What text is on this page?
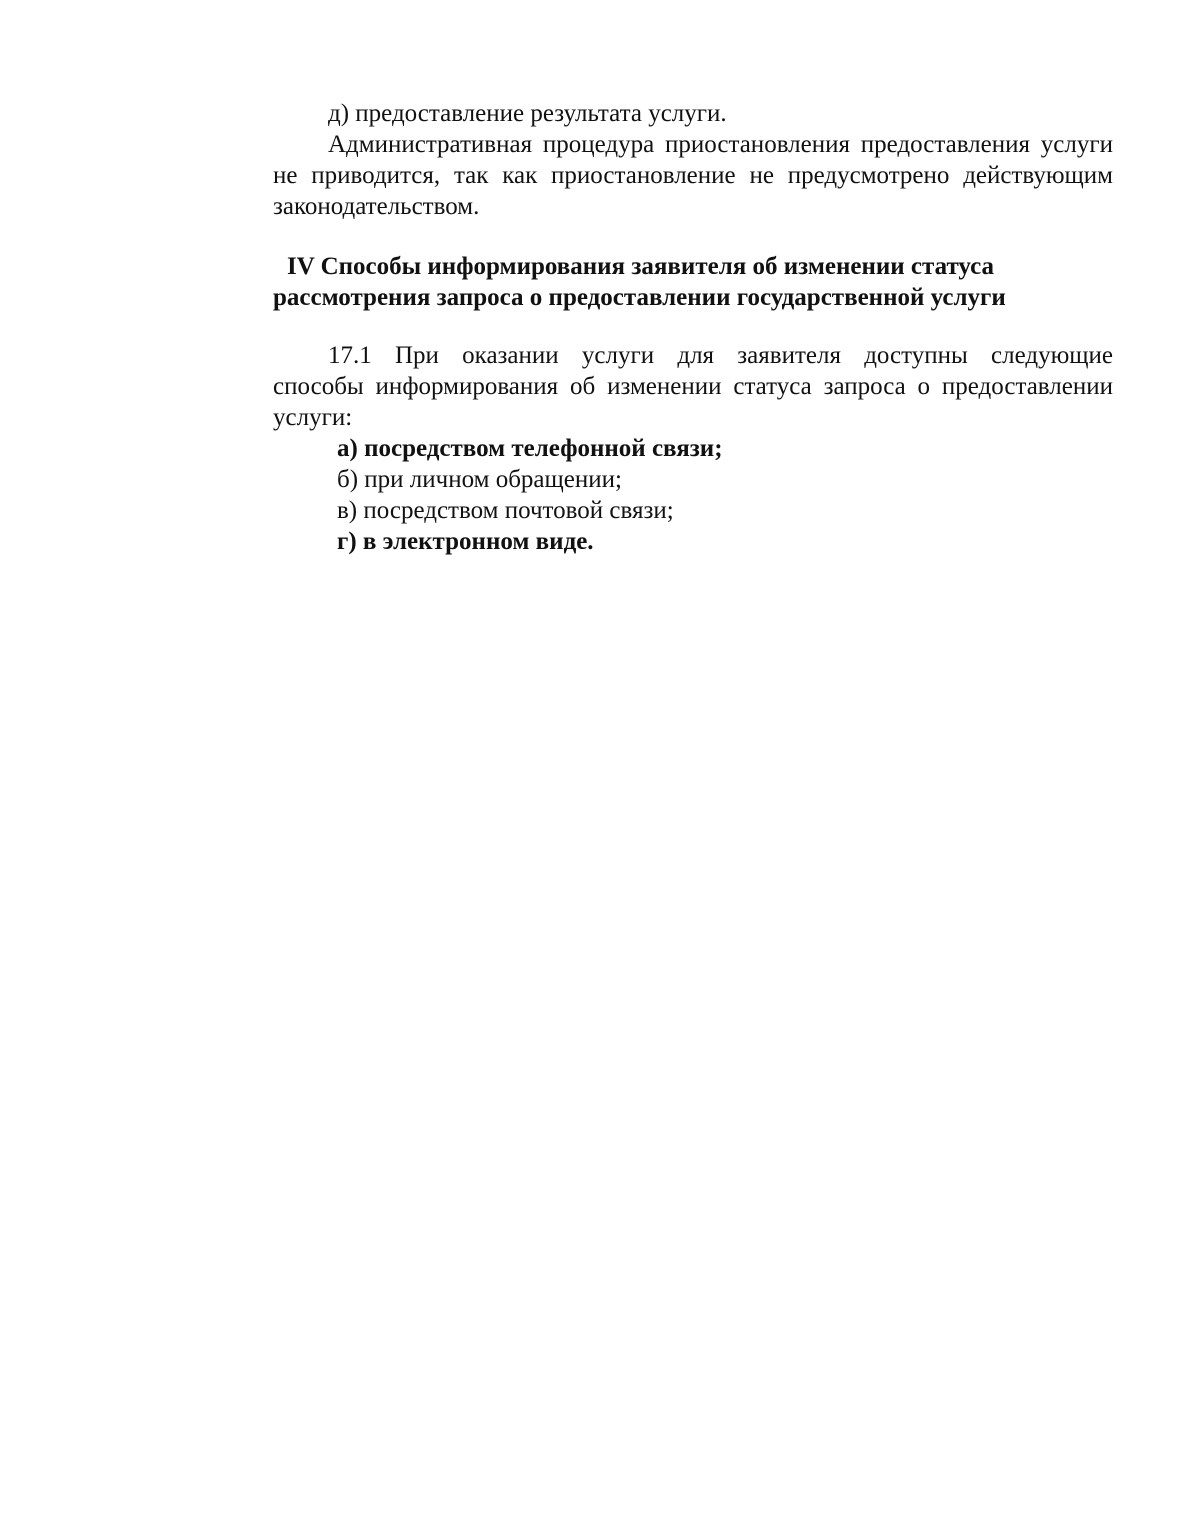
д) предоставление результата услуги.

Административная процедура приостановления предоставления услуги

не приводится, так как приостановление не предусмотрено действующим

законодательством.

IV Способы информирования заявителя об изменении статуса
рассмотрения запроса о предоставлении государственной услуги

17.1 При оказании услуги для заявителя доступны следующие

способы информирования об изменении статуса запроса о предоставлении

услуги:

а) посредством телефонной связи;

б) при личном обращении;

в) посредством почтовой связи;

г) в электронном виде.
